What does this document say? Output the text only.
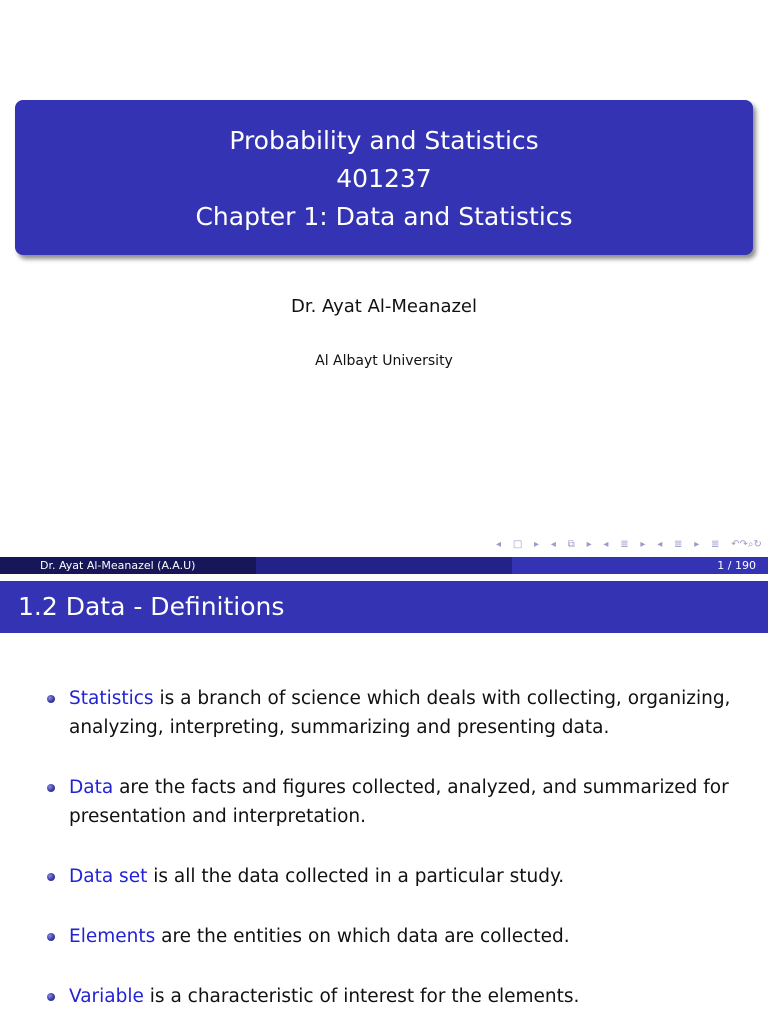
Probability and Statistics
401237
Chapter 1: Data and Statistics
Dr. Ayat Al-Meanazel
Al Albayt University
◂ □ ▸ ◂ ⧉ ▸ ◂ ≣ ▸ ◂ ≣ ▸ ≣ ↶↷⌕↻
Dr. Ayat Al-Meanazel (A.A.U)	1 / 190
1.2 Data - Definitions
Statistics is a branch of science which deals with collecting, organizing, analyzing, interpreting, summarizing and presenting data.
Data are the facts and figures collected, analyzed, and summarized for presentation and interpretation.
Data set is all the data collected in a particular study.
Elements are the entities on which data are collected.
Variable is a characteristic of interest for the elements.
